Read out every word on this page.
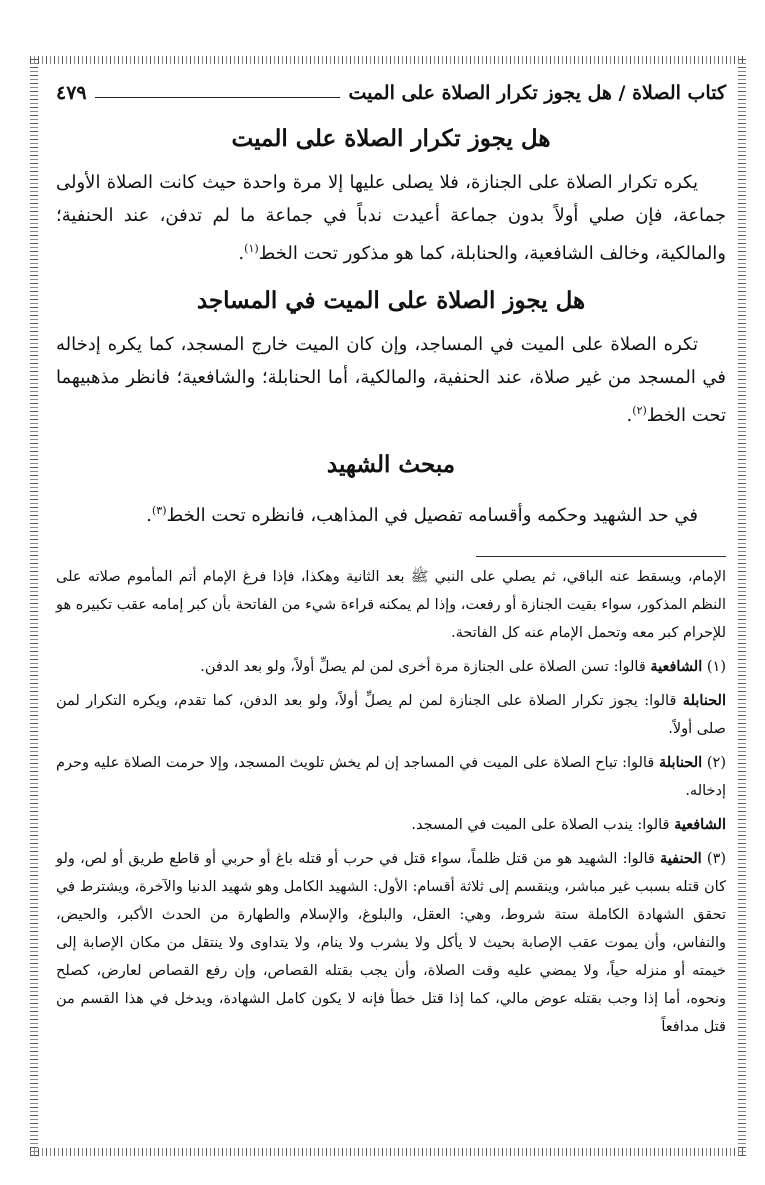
كتاب الصلاة / هل يجوز تكرار الصلاة على الميت
٤٧٩
هل يجوز تكرار الصلاة على الميت

يكره تكرار الصلاة على الجنازة، فلا يصلى عليها إلا مرة واحدة حيث كانت الصلاة الأولى جماعة، فإن صلي أولاً بدون جماعة أعيدت ندباً في جماعة ما لم تدفن، عند الحنفية؛ والمالكية، وخالف الشافعية، والحنابلة، كما هو مذكور تحت الخط$^{(١)}$.

هل يجوز الصلاة على الميت في المساجد

تكره الصلاة على الميت في المساجد، وإن كان الميت خارج المسجد، كما يكره إدخاله في المسجد من غير صلاة، عند الحنفية، والمالكية، أما الحنابلة؛ والشافعية؛ فانظر مذهبيهما تحت الخط$^{(٢)}$.

مبحث الشهيد

في حد الشهيد وحكمه وأقسامه تفصيل في المذاهب، فانظره تحت الخط$^{(٣)}$.

الإمام، ويسقط عنه الباقي، ثم يصلي على النبي ﷺ بعد الثانية وهكذا، فإذا فرغ الإمام أتم المأموم صلاته على النظم المذكور، سواء بقيت الجنازة أو رفعت، وإذا لم يمكنه قراءة شيء من الفاتحة بأن كبر إمامه عقب تكبيره هو للإحرام كبر معه وتحمل الإمام عنه كل الفاتحة.

(١) الشافعية قالوا: تسن الصلاة على الجنازة مرة أخرى لمن لم يصلِّ أولاً، ولو بعد الدفن.

الحنابلة قالوا: يجوز تكرار الصلاة على الجنازة لمن لم يصلِّ أولاً، ولو بعد الدفن، كما تقدم، ويكره التكرار لمن صلى أولاً.

(٢) الحنابلة قالوا: تباح الصلاة على الميت في المساجد إن لم يخش تلويث المسجد، وإلا حرمت الصلاة عليه وحرم إدخاله.

الشافعية قالوا: يندب الصلاة على الميت في المسجد.

(٣) الحنفية قالوا: الشهيد هو من قتل ظلماً، سواء قتل في حرب أو قتله باغ أو حربي أو قاطع طريق أو لص، ولو كان قتله بسبب غير مباشر، وينقسم إلى ثلاثة أقسام: الأول: الشهيد الكامل وهو شهيد الدنيا والآخرة، ويشترط في تحقق الشهادة الكاملة ستة شروط، وهي: العقل، والبلوغ، والإسلام والطهارة من الحدث الأكبر، والحيض، والنفاس، وأن يموت عقب الإصابة بحيث لا يأكل ولا يشرب ولا ينام، ولا يتداوى ولا ينتقل من مكان الإصابة إلى خيمته أو منزله حياً، ولا يمضي عليه وقت الصلاة، وأن يجب بقتله القصاص، وإن رفع القصاص لعارض، كصلح ونحوه، أما إذا وجب بقتله عوض مالي، كما إذا قتل خطأ فإنه لا يكون كامل الشهادة، ويدخل في هذا القسم من قتل مدافعاً
